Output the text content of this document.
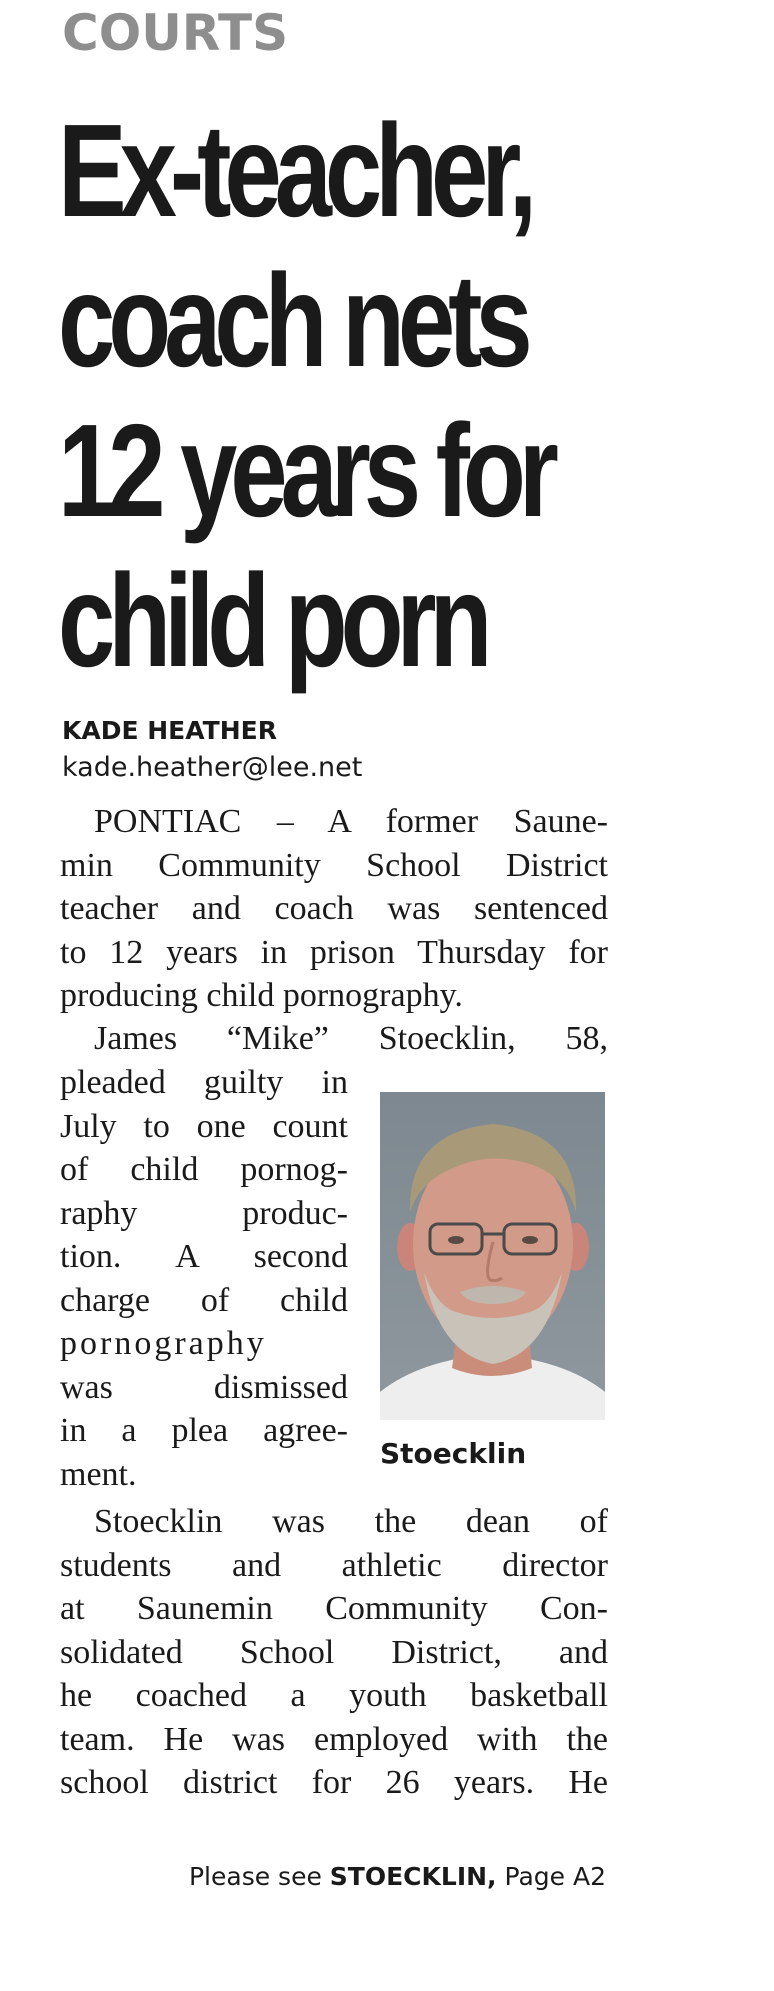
COURTS
Ex-teacher,
coach nets
12 years for
child porn
KADE HEATHER
kade.heather@lee.net
PONTIAC – A former Saune-
min Community School District
teacher and coach was sentenced
to 12 years in prison Thursday for
producing child pornography.
James “Mike” Stoecklin, 58,
pleaded guilty in
July to one count
of child pornog-
raphy produc-
tion. A second
charge of child
pornography
was dismissed
in a plea agree-
ment.
Stoecklin
Stoecklin was the dean of
students and athletic director
at Saunemin Community Con-
solidated School District, and
he coached a youth basketball
team. He was employed with the
school district for 26 years. He
Please see STOECKLIN, Page A2
